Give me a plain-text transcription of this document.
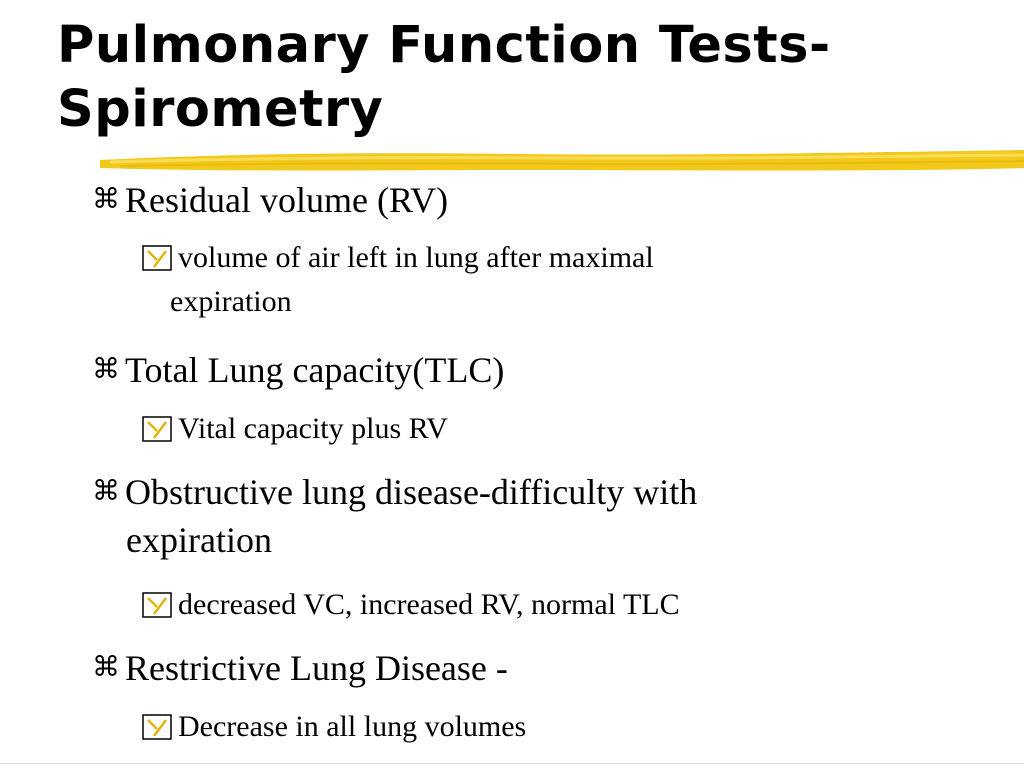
Pulmonary Function Tests-
Spirometry
⌘ Residual volume (RV)
volume of air left in lung after maximal
expiration
⌘ Total Lung capacity(TLC)
Vital capacity plus RV
⌘ Obstructive lung disease-difficulty with
expiration
decreased VC, increased RV, normal TLC
⌘ Restrictive Lung Disease -
Decrease in all lung volumes
